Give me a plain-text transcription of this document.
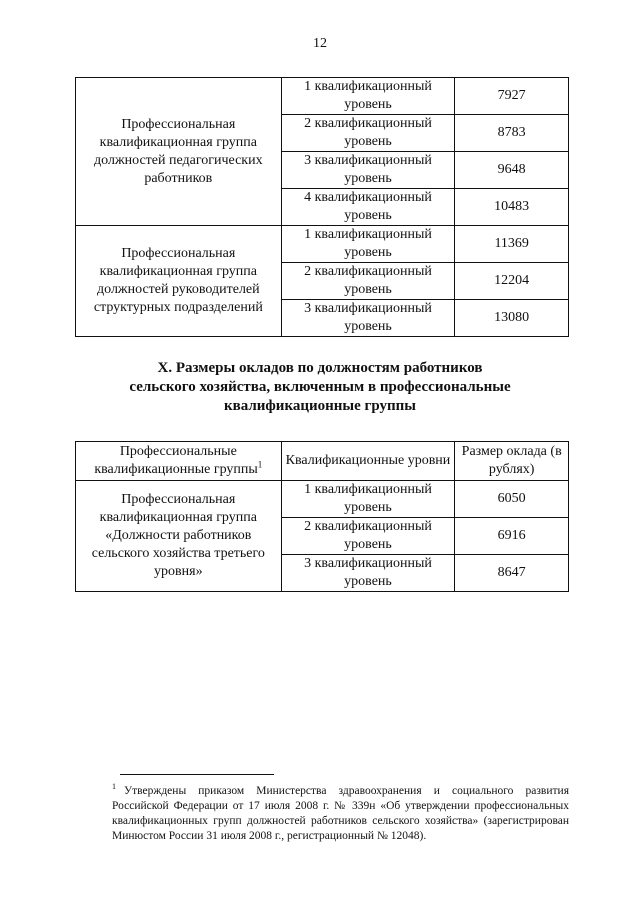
12
Профессиональная квалификационная группа должностей педагогических работников	1 квалификационный уровень	7927
	2 квалификационный уровень	8783
	3 квалификационный уровень	9648
	4 квалификационный уровень	10483
Профессиональная квалификационная группа должностей руководителей структурных подразделений	1 квалификационный уровень	11369
	2 квалификационный уровень	12204
	3 квалификационный уровень	13080
X. Размеры окладов по должностям работников
сельского хозяйства, включенным в профессиональные
квалификационные группы
Профессиональные квалификационные группы$^1$	Квалификационные уровни	Размер оклада (в рублях)
Профессиональная квалификационная группа «Должности работников сельского хозяйства третьего уровня»	1 квалификационный уровень	6050
	2 квалификационный уровень	6916
	3 квалификационный уровень	8647
$^1$ Утверждены приказом Министерства здравоохранения и социального развития Российской Федерации от 17 июля 2008 г. № 339н «Об утверждении профессиональных квалификационных групп должностей работников сельского хозяйства» (зарегистрирован Минюстом России 31 июля 2008 г., регистрационный № 12048).
